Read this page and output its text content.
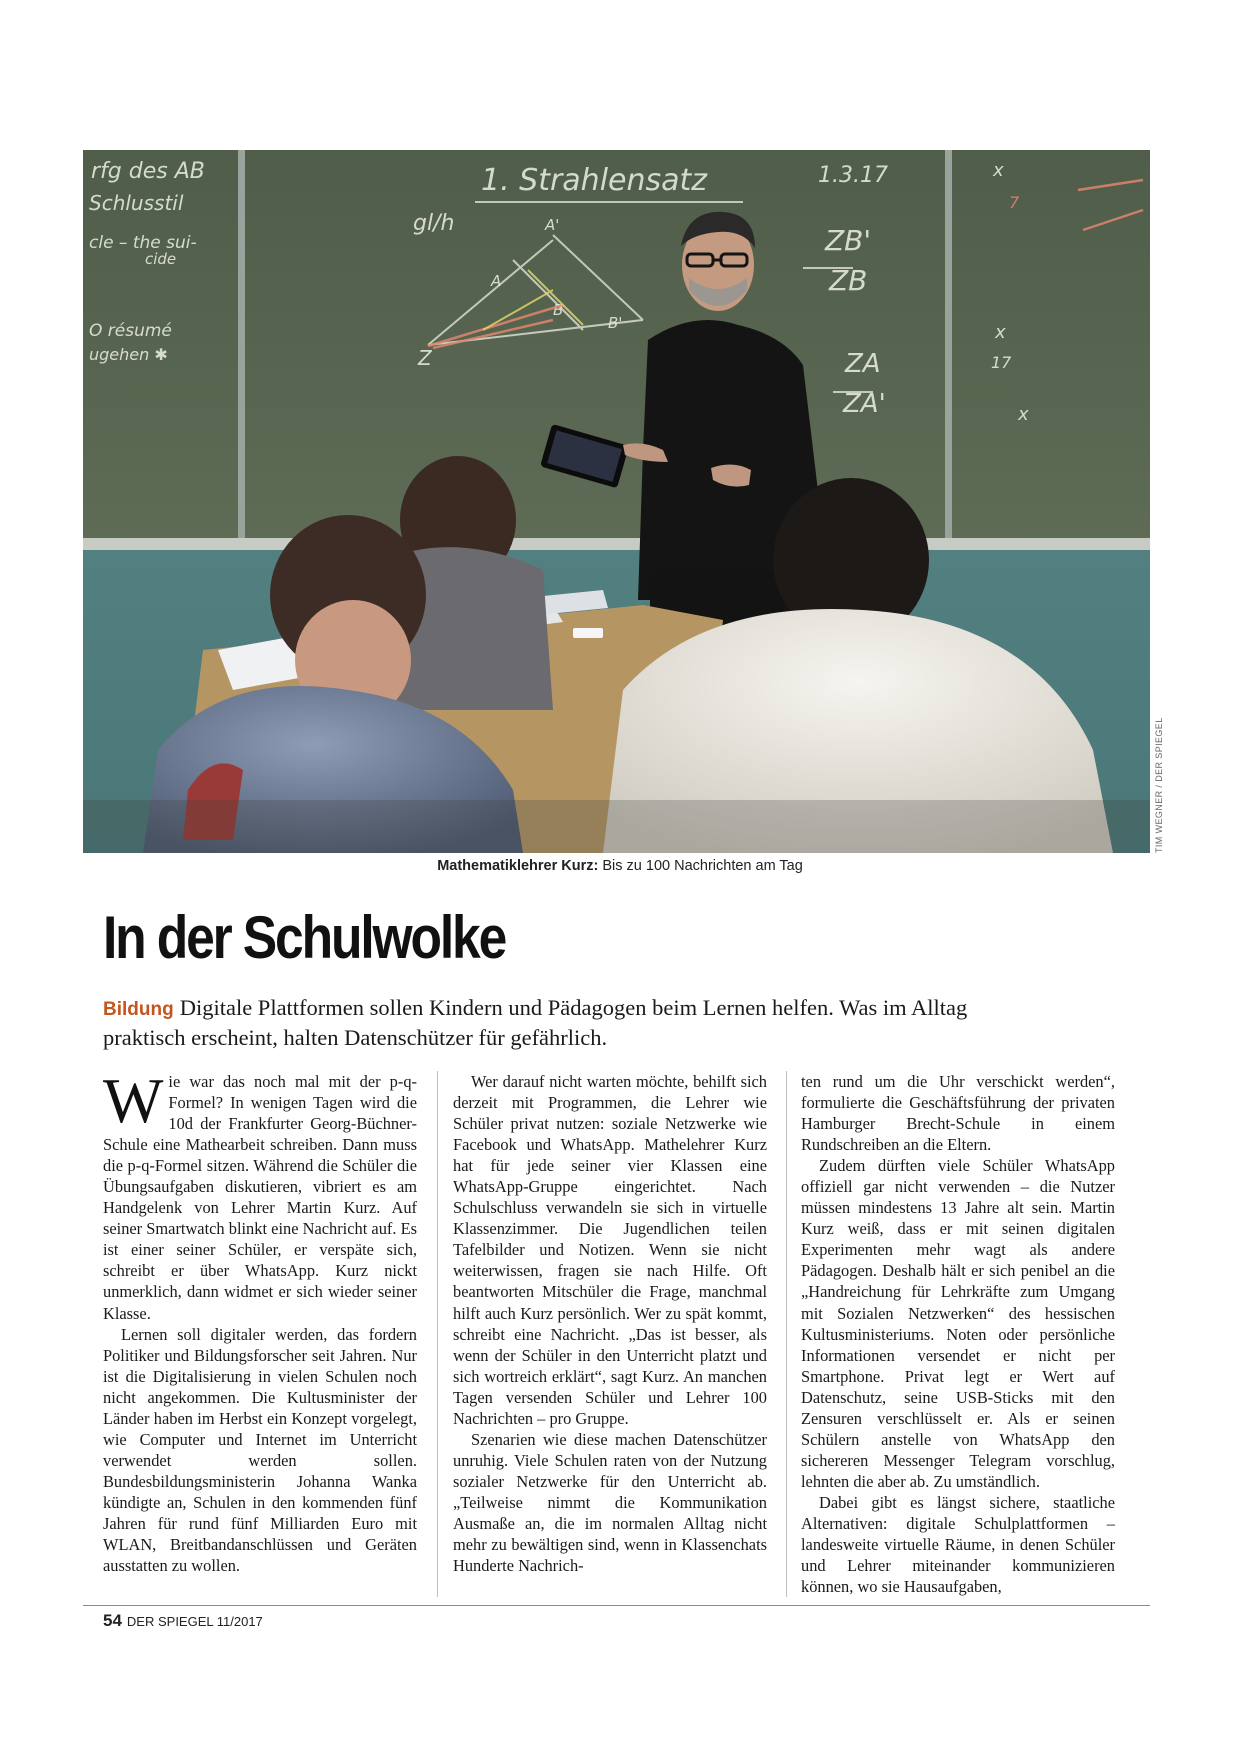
rfg des AB
Schlusstil
cle – the sui-
cide
O résumé
ugehen ✱
1. Strahlensatz	1.3.17
gl/h
ZB'
ZB
ZA
ZA'
A'
A
B
B'
Z
x
7
x
17
x
TIM WEGNER / DER SPIEGEL
Mathematiklehrer Kurz: Bis zu 100 Nachrichten am Tag
In der Schulwolke

Bildung Digitale Plattformen sollen Kindern und Pädagogen beim Lernen helfen. Was im Alltag praktisch erscheint, halten Datenschützer für gefährlich.

Wie war das noch mal mit der p-q-Formel? In wenigen Tagen wird die 10d der Frankfurter Georg-Büchner-Schule eine Mathearbeit schreiben. Dann muss die p-q-Formel sitzen. Während die Schüler die Übungsaufgaben diskutieren, vibriert es am Handgelenk von Lehrer Martin Kurz. Auf seiner Smartwatch blinkt eine Nachricht auf. Es ist einer seiner Schüler, er verspäte sich, schreibt er über WhatsApp. Kurz nickt unmerklich, dann widmet er sich wieder seiner Klasse.

Lernen soll digitaler werden, das fordern Politiker und Bildungsforscher seit Jahren. Nur ist die Digitalisierung in vielen Schulen noch nicht angekommen. Die Kultusminister der Länder haben im Herbst ein Konzept vorgelegt, wie Computer und Internet im Unterricht verwendet werden sollen. Bundesbildungsministerin Johanna Wanka kündigte an, Schulen in den kommenden fünf Jahren für rund fünf Milliarden Euro mit WLAN, Breitbandanschlüssen und Geräten ausstatten zu wollen.

Wer darauf nicht warten möchte, behilft sich derzeit mit Programmen, die Lehrer wie Schüler privat nutzen: soziale Netzwerke wie Facebook und WhatsApp. Mathelehrer Kurz hat für jede seiner vier Klassen eine WhatsApp-Gruppe eingerichtet. Nach Schulschluss verwandeln sie sich in virtuelle Klassenzimmer. Die Jugendlichen teilen Tafelbilder und Notizen. Wenn sie nicht weiterwissen, fragen sie nach Hilfe. Oft beantworten Mitschüler die Frage, manchmal hilft auch Kurz persönlich. Wer zu spät kommt, schreibt eine Nachricht. „Das ist besser, als wenn der Schüler in den Unterricht platzt und sich wortreich erklärt“, sagt Kurz. An manchen Tagen versenden Schüler und Lehrer 100 Nachrichten – pro Gruppe.

Szenarien wie diese machen Datenschützer unruhig. Viele Schulen raten von der Nutzung sozialer Netzwerke für den Unterricht ab. „Teilweise nimmt die Kommunikation Ausmaße an, die im normalen Alltag nicht mehr zu bewältigen sind, wenn in Klassenchats Hunderte Nachrich-

ten rund um die Uhr verschickt werden“, formulierte die Geschäftsführung der privaten Hamburger Brecht-Schule in einem Rundschreiben an die Eltern.

Zudem dürften viele Schüler WhatsApp offiziell gar nicht verwenden – die Nutzer müssen mindestens 13 Jahre alt sein. Martin Kurz weiß, dass er mit seinen digitalen Experimenten mehr wagt als andere Pädagogen. Deshalb hält er sich penibel an die „Handreichung für Lehrkräfte zum Umgang mit Sozialen Netzwerken“ des hessischen Kultusministeriums. Noten oder persönliche Informationen versendet er nicht per Smartphone. Privat legt er Wert auf Datenschutz, seine USB-Sticks mit den Zensuren verschlüsselt er. Als er seinen Schülern anstelle von WhatsApp den sichereren Messenger Telegram vorschlug, lehnten die aber ab. Zu umständlich.

Dabei gibt es längst sichere, staatliche Alternativen: digitale Schulplattformen – landesweite virtuelle Räume, in denen Schüler und Lehrer miteinander kommunizieren können, wo sie Hausaufgaben,

54 DER SPIEGEL 11/2017
